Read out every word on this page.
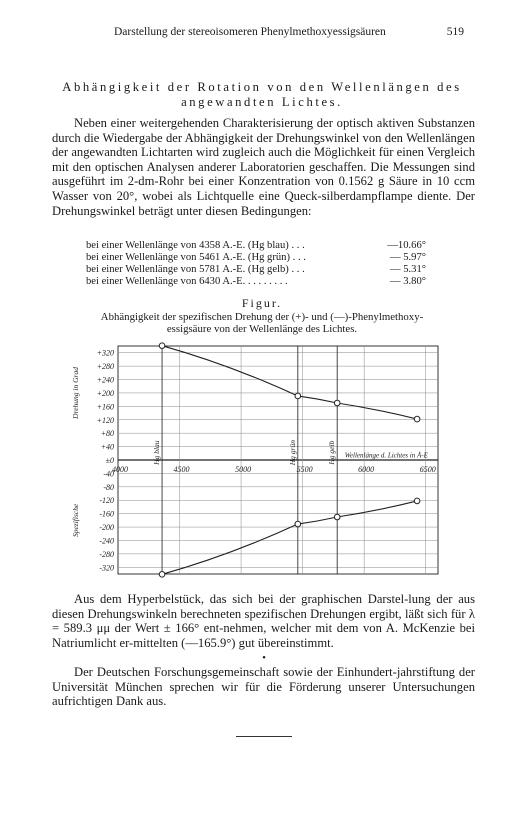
Darstellung der stereoisomeren Phenylmethoxyessigsäuren	519
Abhängigkeit der Rotation von den Wellenlängen des angewandten Lichtes.
Neben einer weitergehenden Charakterisierung der optisch aktiven Substanzen durch die Wiedergabe der Abhängigkeit der Drehungswinkel von den Wellenlängen der angewandten Lichtarten wird zugleich auch die Möglichkeit für einen Vergleich mit den optischen Analysen anderer Laboratorien geschaffen. Die Messungen sind ausgeführt im 2-dm-Rohr bei einer Konzentration von 0.1562 g Säure in 10 ccm Wasser von 20°, wobei als Lichtquelle eine Queck-silberdampflampe diente. Der Drehungswinkel beträgt unter diesen Bedingungen:
bei einer Wellenlänge von 4358 A.-E. (Hg blau) . . .	—10.66°
bei einer Wellenlänge von 5461 A.-E. (Hg grün) . . .	— 5.97°
bei einer Wellenlänge von 5781 A.-E. (Hg gelb) . . .	— 5.31°
bei einer Wellenlänge von 6430 A.-E. . . . . . . . .	— 3.80°
Figur.
Abhängigkeit der spezifischen Drehung der (+)- und (—)-Phenylmethoxy-
essigsäure von der Wellenlänge des Lichtes.
Hg blau	Hg grün	Hg gelb
+320
+280
+240
+200
+160
+120
+80
+40
±0
-40
-80
-120
-160
-200
-240
-280
-320
4000	4500	5000	5500	6000	6500
Wellenlänge d. Lichtes in Å-E
Drehung in Grad
Spezifische
Aus dem Hyperbelstück, das sich bei der graphischen Darstel-lung der aus diesen Drehungswinkeln berechneten spezifischen Drehungen ergibt, läßt sich für λ = 589.3 μμ der Wert ± 166° ent-nehmen, welcher mit dem von A. McKenzie bei Natriumlicht er-mittelten (—165.9°) gut übereinstimmt.
•
Der Deutschen Forschungsgemeinschaft sowie der Einhundert-jahrstiftung der Universität München sprechen wir für die Förderung unserer Untersuchungen aufrichtigen Dank aus.
